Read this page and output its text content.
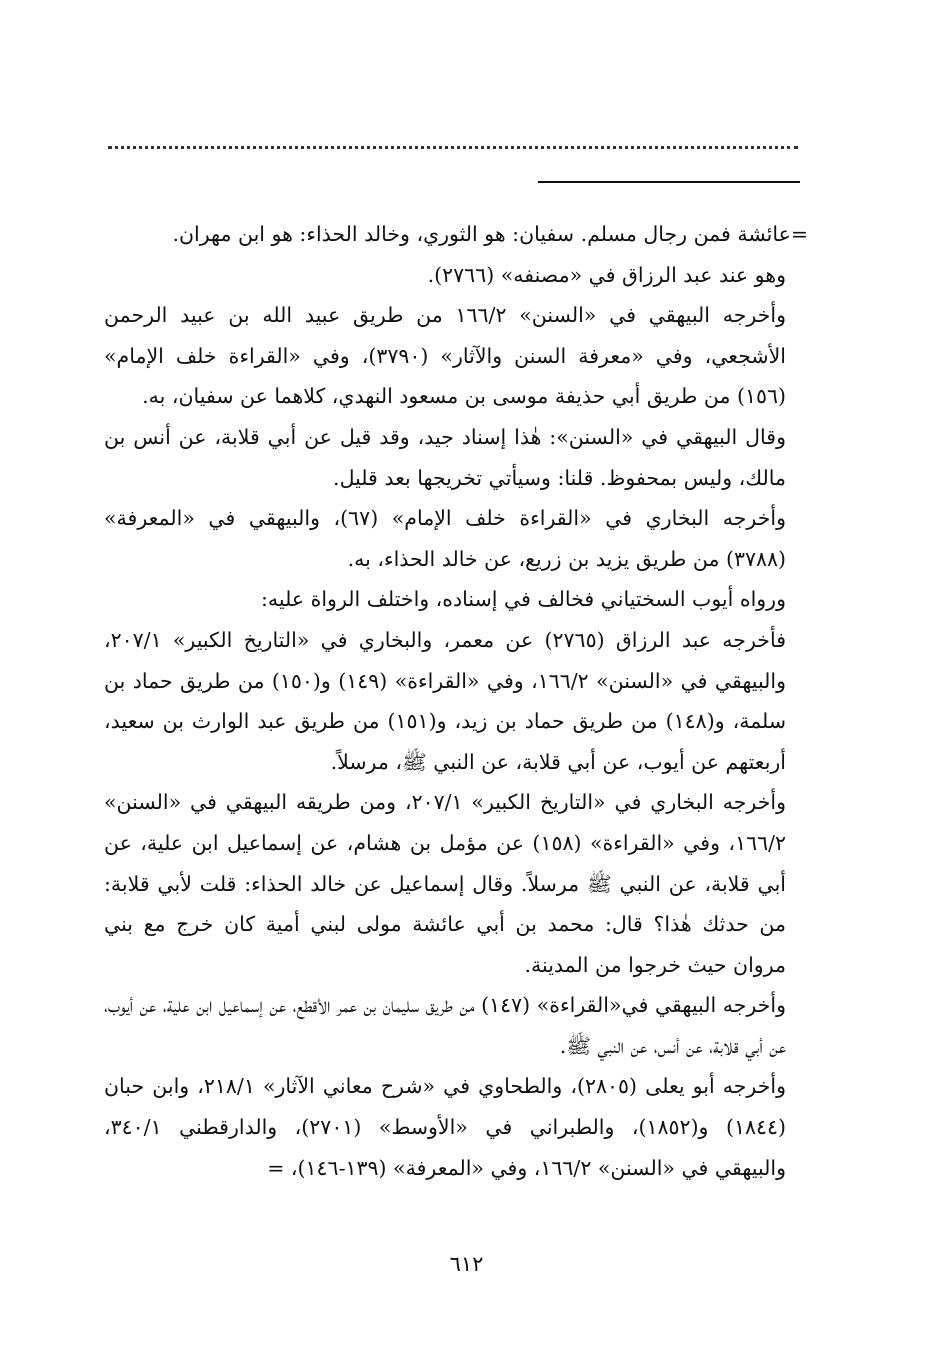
=عائشة فمن رجال مسلم. سفيان: هو الثوري، وخالد الحذاء: هو ابن مهران.

وهو عند عبد الرزاق في «مصنفه» (٢٧٦٦).

وأخرجه البيهقي في «السنن» ١٦٦/٢ من طريق عبيد الله بن عبيد الرحمن الأشجعي، وفي «معرفة السنن والآثار» (٣٧٩٠)، وفي «القراءة خلف الإمام» (١٥٦) من طريق أبي حذيفة موسى بن مسعود النهدي، كلاهما عن سفيان، به.

وقال البيهقي في «السنن»: هٰذا إسناد جيد، وقد قيل عن أبي قلابة، عن أنس بن مالك، وليس بمحفوظ. قلنا: وسيأتي تخريجها بعد قليل.

وأخرجه البخاري في «القراءة خلف الإمام» (٦٧)، والبيهقي في «المعرفة» (٣٧٨٨) من طريق يزيد بن زريع، عن خالد الحذاء، به.

ورواه أيوب السختياني فخالف في إسناده، واختلف الرواة عليه:

فأخرجه عبد الرزاق (٢٧٦٥) عن معمر، والبخاري في «التاريخ الكبير» ٢٠٧/١، والبيهقي في «السنن» ١٦٦/٢، وفي «القراءة» (١٤٩) و(١٥٠) من طريق حماد بن سلمة، و(١٤٨) من طريق حماد بن زيد، و(١٥١) من طريق عبد الوارث بن سعيد، أربعتهم عن أيوب، عن أبي قلابة، عن النبي ﷺ، مرسلاً.

وأخرجه البخاري في «التاريخ الكبير» ٢٠٧/١، ومن طريقه البيهقي في «السنن» ١٦٦/٢، وفي «القراءة» (١٥٨) عن مؤمل بن هشام، عن إسماعيل ابن علية، عن أبي قلابة، عن النبي ﷺ مرسلاً. وقال إسماعيل عن خالد الحذاء: قلت لأبي قلابة: من حدثك هٰذا؟ قال: محمد بن أبي عائشة مولى لبني أمية كان خرج مع بني مروان حيث خرجوا من المدينة.

وأخرجه البيهقي في«القراءة» (١٤٧) من طريق سليمان بن عمر الأقطع، عن إسماعيل ابن علية، عن أيوب، عن أبي قلابة، عن أنس، عن النبي ﷺ.

وأخرجه أبو يعلى (٢٨٠٥)، والطحاوي في «شرح معاني الآثار» ٢١٨/١، وابن حبان (١٨٤٤) و(١٨٥٢)، والطبراني في «الأوسط» (٢٧٠١)، والدارقطني ٣٤٠/١، والبيهقي في «السنن» ١٦٦/٢، وفي «المعرفة» (١٣٩-١٤٦)، =

٦١٢
